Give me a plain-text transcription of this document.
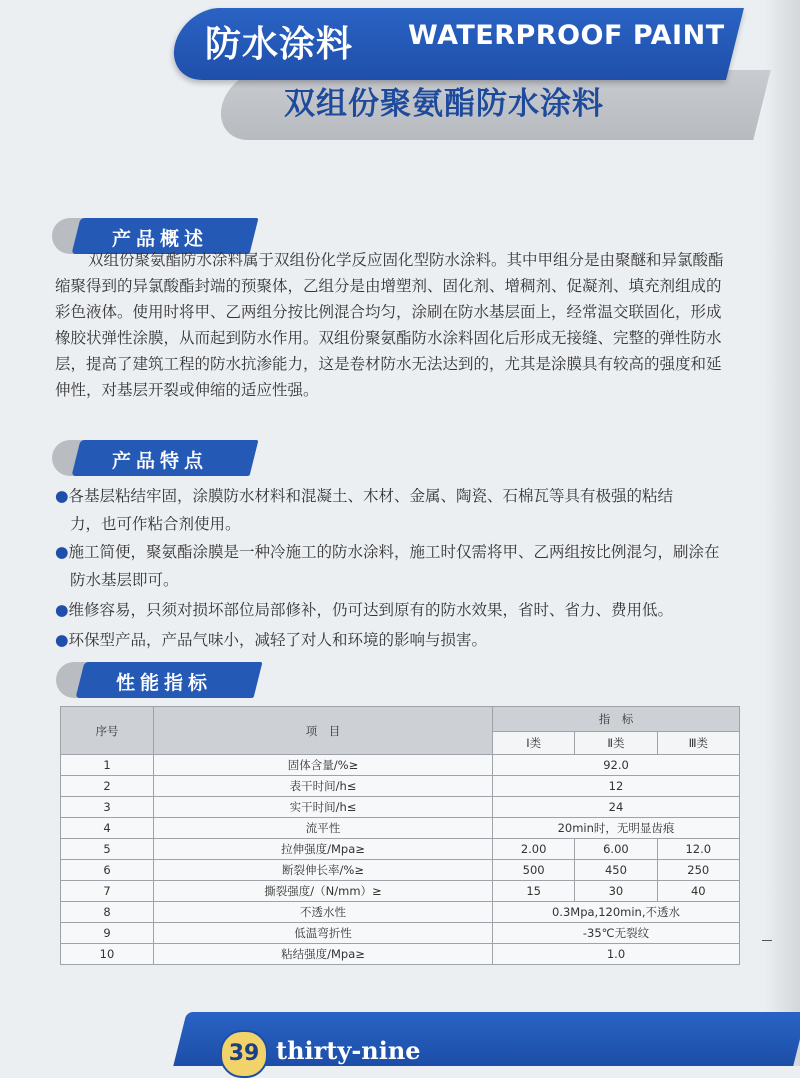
防水涂料 WATERPROOF PAINT
双组份聚氨酯防水涂料
产品概述
双组份聚氨酯防水涂料属于双组份化学反应固化型防水涂料。其中甲组分是由聚醚和异氯酸酯
缩聚得到的异氯酸酯封端的预聚体，乙组分是由增塑剂、固化剂、增稠剂、促凝剂、填充剂组成的
彩色液体。使用时将甲、乙两组分按比例混合均匀，涂刷在防水基层面上，经常温交联固化，形成
橡胶状弹性涂膜，从而起到防水作用。双组份聚氨酯防水涂料固化后形成无接缝、完整的弹性防水
层，提高了建筑工程的防水抗渗能力，这是卷材防水无法达到的，尤其是涂膜具有较高的强度和延
伸性，对基层开裂或伸缩的适应性强。
产品特点
●各基层粘结牢固，涂膜防水材料和混凝土、木材、金属、陶瓷、石棉瓦等具有极强的粘结
力，也可作粘合剂使用。
●施工简便，聚氨酯涂膜是一种冷施工的防水涂料，施工时仅需将甲、乙两组按比例混匀，刷涂在
防水基层即可。
●维修容易，只须对损坏部位局部修补，仍可达到原有的防水效果，省时、省力、费用低。
●环保型产品，产品气味小，减轻了对人和环境的影响与损害。
性能指标
序号	项　目	指　标		
		Ⅰ类	Ⅱ类	Ⅲ类
1	固体含量/%≥	92.0		
2	表干时间/h≤	12		
3	实干时间/h≤	24		
4	流平性	20min时，无明显齿痕		
5	拉伸强度/Mpa≥	2.00	6.00	12.0
6	断裂伸长率/%≥	500	450	250
7	撕裂强度/（N/mm）≥	15	30	40
8	不透水性	0.3Mpa,120min,不透水		
9	低温弯折性	-35℃无裂纹		
10	粘结强度/Mpa≥	1.0		
39 thirty-nine
